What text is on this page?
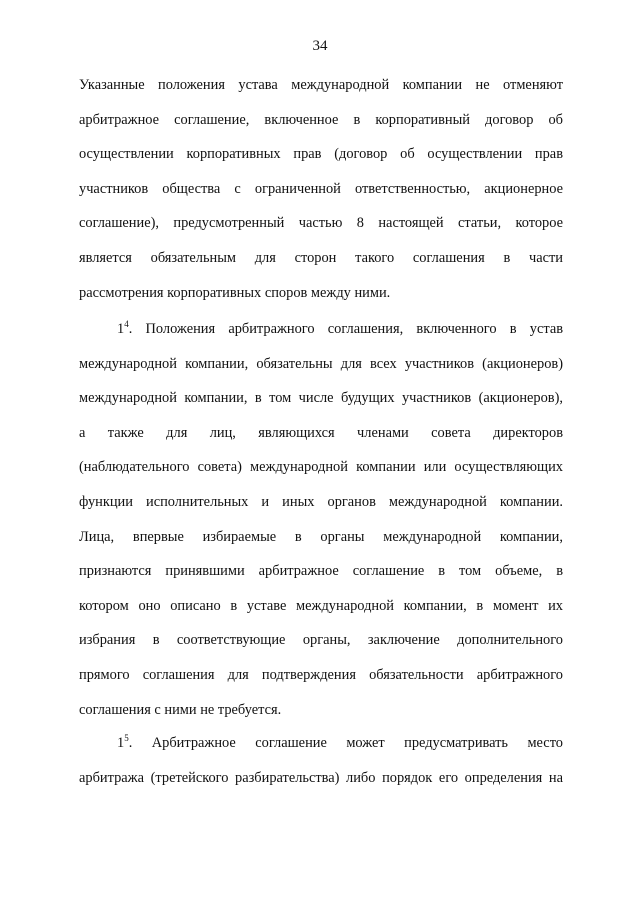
34
Указанные положения устава международной компании не отменяют
арбитражное соглашение, включенное в корпоративный договор об
осуществлении корпоративных прав (договор об осуществлении прав
участников общества с ограниченной ответственностью, акционерное
соглашение), предусмотренный частью 8 настоящей статьи, которое
является обязательным для сторон такого соглашения в части
рассмотрения корпоративных споров между ними.
$1^4$. Положения арбитражного соглашения, включенного в устав
международной компании, обязательны для всех участников (акционеров)
международной компании, в том числе будущих участников (акционеров),
а также для лиц, являющихся членами совета директоров
(наблюдательного совета) международной компании или осуществляющих
функции исполнительных и иных органов международной компании.
Лица, впервые избираемые в органы международной компании,
признаются принявшими арбитражное соглашение в том объеме, в
котором оно описано в уставе международной компании, в момент их
избрания в соответствующие органы, заключение дополнительного
прямого соглашения для подтверждения обязательности арбитражного
соглашения с ними не требуется.
$1^5$. Арбитражное соглашение может предусматривать место
арбитража (третейского разбирательства) либо порядок его определения на
